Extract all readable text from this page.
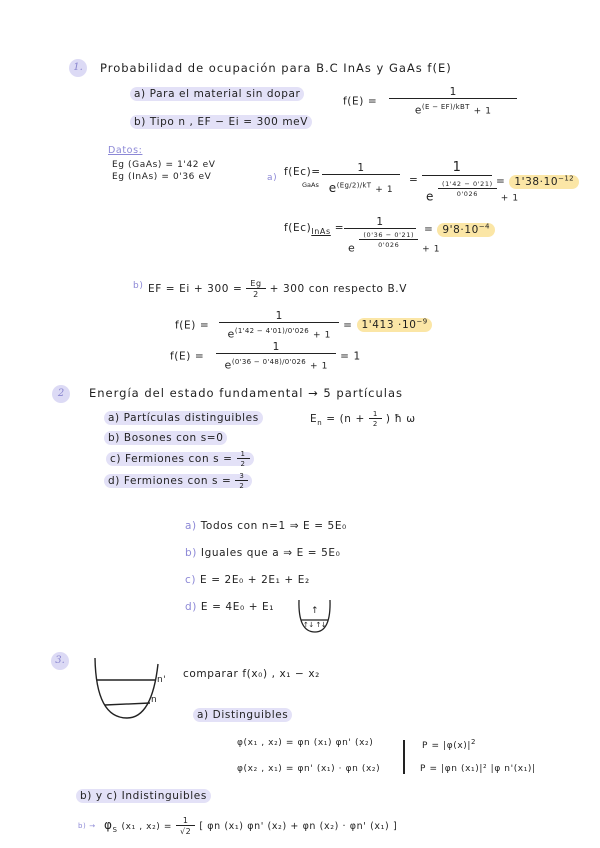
1.	Probabilidad de ocupación para B.C InAs y GaAs f(E)
a) Para el material sin dopar
b) Tipo n , EF − Ei = 300 meV
$f(E) = \frac{1}{e^{(E - EF)/kBT} + 1}$
Datos:
Eg (GaAs) = 1'42 eV
Eg (InAs) = 0'36 eV	a) f(Ec)=
GaAs $\frac{1}{e^{(Eg/2)/kT} + 1}$ =
1
e $\frac{(1'42 - 0'21)}{0'026}$
+ 1
= $1'38\cdot 10^{-12}$
$f(Ec)_{InAs}$ =	1
e $\frac{(0'36 - 0'21)}{0'026}$
+ 1
= $9'8\cdot 10^{-4}$
b) EF = $Ei + 300 = \frac{Eg}{2} + 300$ con respecto B.V
$f(E) = \frac{1}{e^{(1'42 - 4'01)/0'026} + 1} = 1'413 \cdot 10^{-9}$
$f(E) = \frac{1}{e^{(0'36 - 0'48)/0'026} + 1} = 1$
2	Energía del estado fundamental → 5 partículas
a) Partículas distinguibles
b) Bosones con s=0
c) Fermiones con $s = \frac{1}{2}$
d) Fermiones con $s = \frac{3}{2}$
$E_n = (n + \frac{1}{2}$ ) ħ ω
a) Todos con n=1 ⇒ E = 5E₀
b) Iguales que a ⇒ E = 5E₀
c) E = 2E₀ + 2E₁ + E₂
d) E = 4E₀ + E₁	↑
↑↓ ↑↓
3.
n'
n
comparar f(x₀) , x₁ − x₂
a) Distinguibles
φ(x₁ , x₂) = φn (x₁) φn' (x₂)
φ(x₂ , x₁) = φn' (x₁) · φn (x₂)
$P = |\varphi(x)|^2$
P = |φn (x₁)|² |φ n'(x₁)|
b) y c) Indistinguibles
$b) \to \varphi_S$ (x₁ , $x_2) = \frac{1}{√2}$ [ φn (x₁) φn' (x₂) + φn (x₂) · φn' (x₁) ]
